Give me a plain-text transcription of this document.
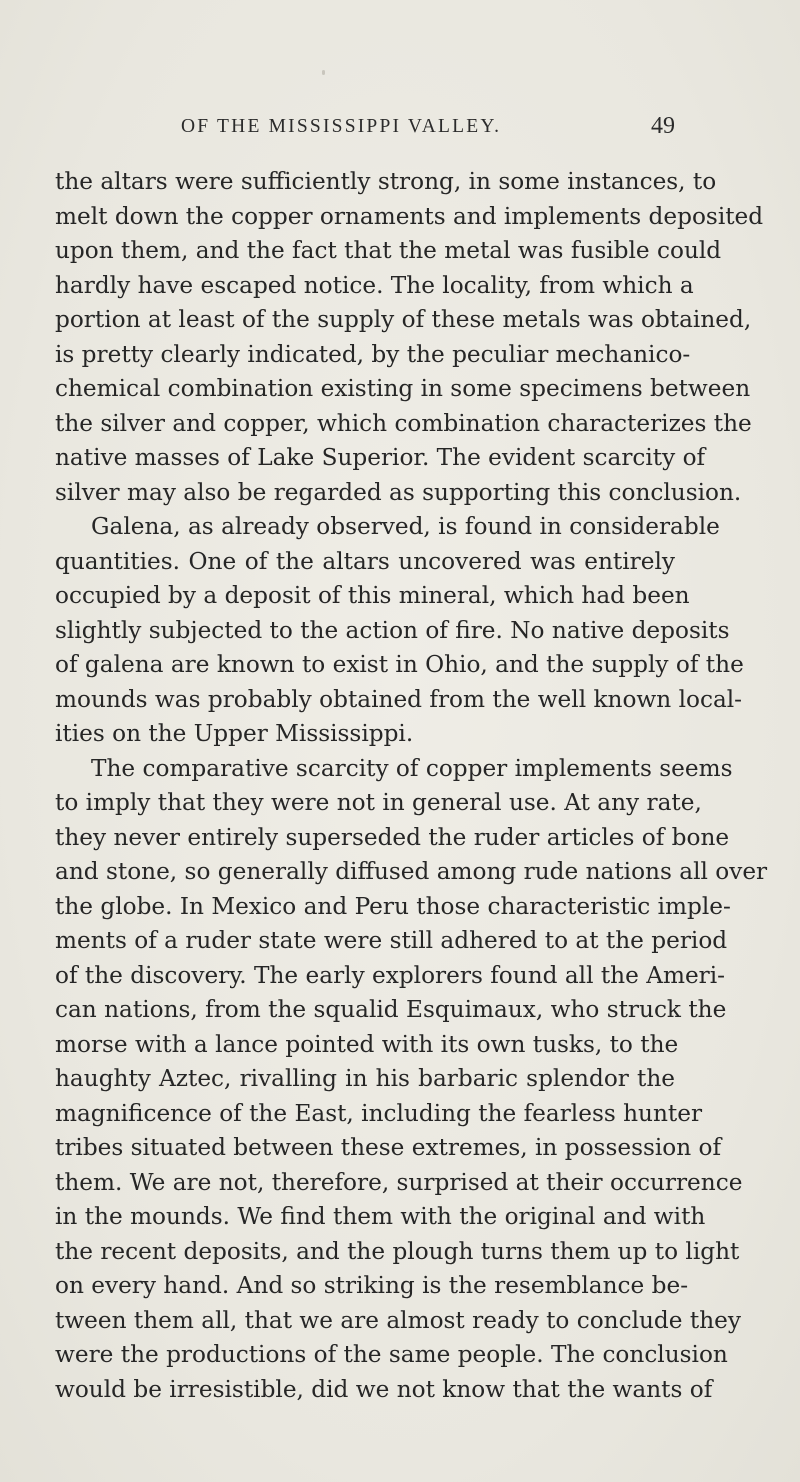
OF THE MISSISSIPPI VALLEY.	49
the altars were sufficiently strong, in some instances, to
melt down the copper ornaments and implements deposited
upon them, and the fact that the metal was fusible could
hardly have escaped notice. The locality, from which a
portion at least of the supply of these metals was obtained,
is pretty clearly indicated, by the peculiar mechanico-
chemical combination existing in some specimens between
the silver and copper, which combination characterizes the
native masses of Lake Superior. The evident scarcity of
silver may also be regarded as supporting this conclusion.
Galena, as already observed, is found in considerable
quantities. One of the altars uncovered was entirely
occupied by a deposit of this mineral, which had been
slightly subjected to the action of fire. No native deposits
of galena are known to exist in Ohio, and the supply of the
mounds was probably obtained from the well known local-
ities on the Upper Mississippi.
The comparative scarcity of copper implements seems
to imply that they were not in general use. At any rate,
they never entirely superseded the ruder articles of bone
and stone, so generally diffused among rude nations all over
the globe. In Mexico and Peru those characteristic imple-
ments of a ruder state were still adhered to at the period
of the discovery. The early explorers found all the Ameri-
can nations, from the squalid Esquimaux, who struck the
morse with a lance pointed with its own tusks, to the
haughty Aztec, rivalling in his barbaric splendor the
magnificence of the East, including the fearless hunter
tribes situated between these extremes, in possession of
them. We are not, therefore, surprised at their occurrence
in the mounds. We find them with the original and with
the recent deposits, and the plough turns them up to light
on every hand. And so striking is the resemblance be-
tween them all, that we are almost ready to conclude they
were the productions of the same people. The conclusion
would be irresistible, did we not know that the wants of
